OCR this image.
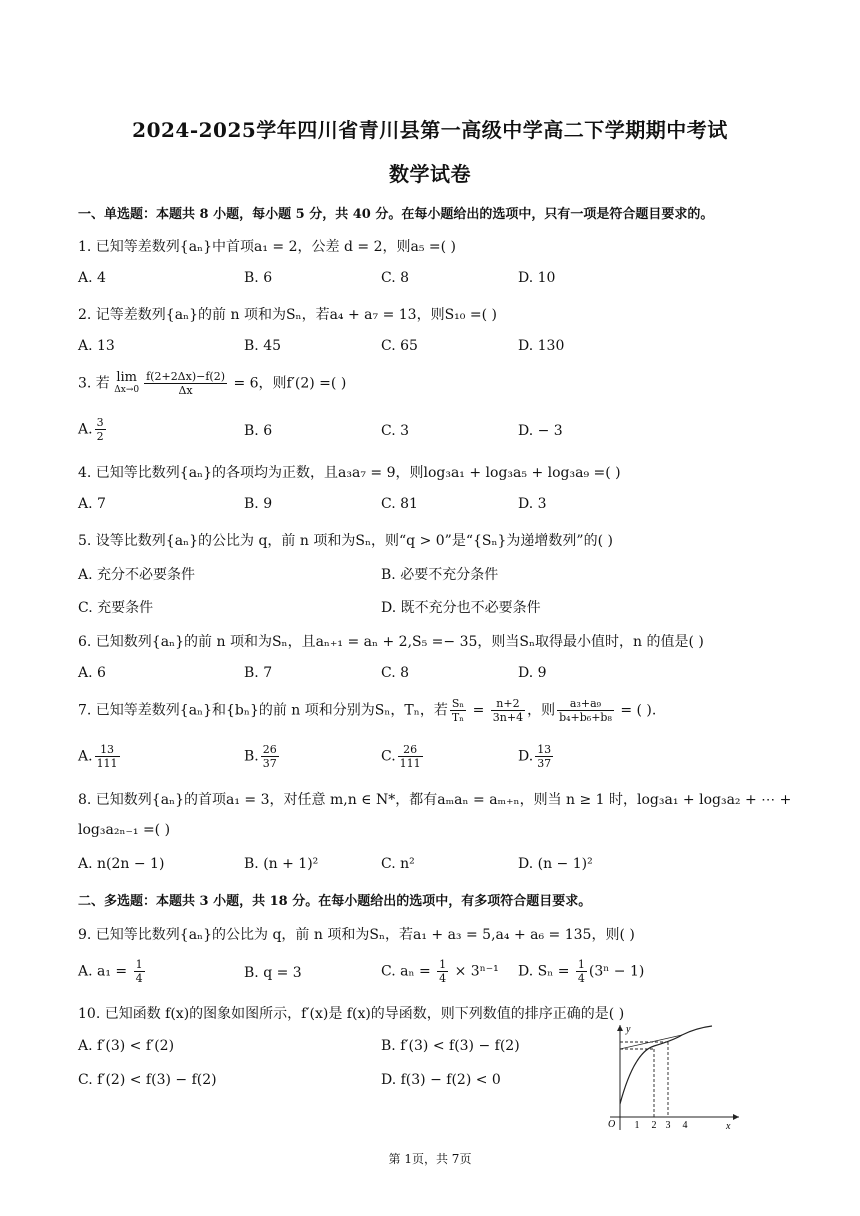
2024-2025学年四川省青川县第一高级中学高二下学期期中考试
数学试卷
一、单选题：本题共 8 小题，每小题 5 分，共 40 分。在每小题给出的选项中，只有一项是符合题目要求的。
1. 已知等差数列{aₙ}中首项a₁ = 2，公差 d = 2，则a₅ =( )
A. 4	B. 6	C. 8	D. 10
2. 记等差数列{aₙ}的前 n 项和为Sₙ，若a₄ + a₇ = 13，则S₁₀ =( )
A. 13	B. 45	C. 65	D. 130
3. 若 lim
$\Delta x\to 0 \frac{f(2+2\Delta x)-f(2)}{\Delta x} = 6$，则f′(2) =( )
A. $\frac{3}{2}$	B. 6	C. 3	D. − 3
4. 已知等比数列{aₙ}的各项均为正数，且a₃a₇ = 9，则log₃a₁ + log₃a₅ + log₃a₉ =( )
A. 7	B. 9	C. 81	D. 3
5. 设等比数列{aₙ}的公比为 q，前 n 项和为Sₙ，则“q > 0”是“{Sₙ}为递增数列”的( )
A. 充分不必要条件	B. 必要不充分条件
C. 充要条件	D. 既不充分也不必要条件
6. 已知数列{aₙ}的前 n 项和为Sₙ，且aₙ₊₁ = aₙ + 2,S₅ =− 35，则当Sₙ取得最小值时，n 的值是( )
A. 6	B. 7	C. 8	D. 9
7. 已知等差数列{aₙ}和{bₙ}的前 n 项和分别为Sₙ，Tₙ，若 $\frac{\text{Sₙ}}{\text{Tₙ}} = \frac{n+2}{3n+4}$ ，则 $\frac{\text{a₃+a₉}}{\text{b₄+b₆+b₈}}$ = ( ).
A. $\frac{13}{111}$	B. $\frac{26}{37}$	C. $\frac{26}{111}$	D. $\frac{13}{37}$
8. 已知数列{aₙ}的首项a₁ = 3，对任意 m,n ∈ N*，都有aₘaₙ = aₘ₊ₙ，则当 n ≥ 1 时，log₃a₁ + log₃a₂ + ⋯ +
log₃a₂ₙ₋₁ =( )
A. n(2n − 1)	B. (n + 1)²	C. n²	D. (n − 1)²
二、多选题：本题共 3 小题，共 18 分。在每小题给出的选项中，有多项符合题目要求。
9. 已知等比数列{aₙ}的公比为 q，前 n 项和为Sₙ，若a₁ + a₃ = 5,a₄ + a₆ = 135，则( )
A. $a_1 = \frac{1}{4}$	B. q = 3	C. $a_n = \frac{1}{4} \times 3^{n-1}$ D. $S_n = \frac{1}{4} (3^n - 1)$
10. 已知函数 f(x)的图象如图所示，f′(x)是 f(x)的导函数，则下列数值的排序正确的是( )
A. f′(3) < f′(2)	B. f′(3) < f(3) − f(2)
C. f′(2) < f(3) − f(2)	D. f(3) − f(2) < 0
y
x
O 1 2 3 4
第 1页，共 7页
